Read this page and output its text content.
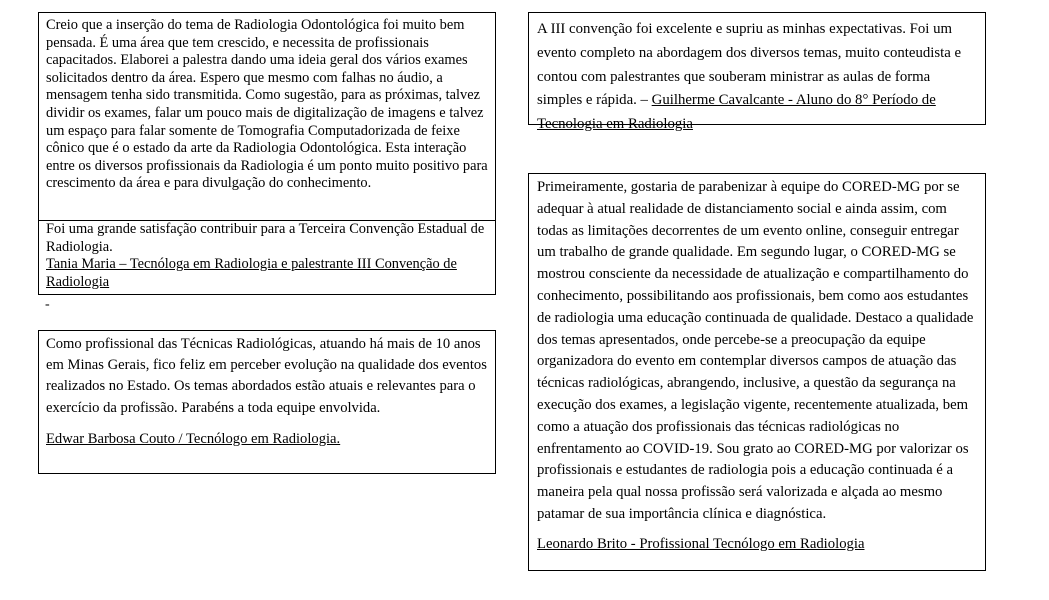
Creio que a inserção do tema de Radiologia Odontológica foi muito bem pensada. É uma área que tem crescido, e necessita de profissionais capacitados. Elaborei a palestra dando uma ideia geral dos vários exames solicitados dentro da área. Espero que mesmo com falhas no áudio, a mensagem tenha sido transmitida. Como sugestão, para as próximas, talvez dividir os exames, falar um pouco mais de digitalização de imagens e talvez um espaço para falar somente de Tomografia Computadorizada de feixe cônico que é o estado da arte da Radiologia Odontológica. Esta interação entre os diversos profissionais da Radiologia é um ponto muito positivo para crescimento da área e para divulgação do conhecimento.

Foi uma grande satisfação contribuir para a Terceira Convenção Estadual de Radiologia.

Tania Maria – Tecnóloga em Radiologia e palestrante III Convenção de Radiologia

-

Como profissional das Técnicas Radiológicas, atuando há mais de 10 anos em Minas Gerais, fico feliz em perceber evolução na qualidade dos eventos realizados no Estado. Os temas abordados estão atuais e relevantes para o exercício da profissão. Parabéns a toda equipe envolvida.

Edwar Barbosa Couto / Tecnólogo em Radiologia.

A III convenção foi excelente e supriu as minhas expectativas. Foi um evento completo na abordagem dos diversos temas, muito conteudista e contou com palestrantes que souberam ministrar as aulas de forma simples e rápida. – Guilherme Cavalcante - Aluno do 8° Período de Tecnologia em Radiologia

Primeiramente, gostaria de parabenizar à equipe do CORED-MG por se adequar à atual realidade de distanciamento social e ainda assim, com todas as limitações decorrentes de um evento online, conseguir entregar um trabalho de grande qualidade. Em segundo lugar, o CORED-MG se mostrou consciente da necessidade de atualização e compartilhamento do conhecimento, possibilitando aos profissionais, bem como aos estudantes de radiologia uma educação continuada de qualidade. Destaco a qualidade dos temas apresentados, onde percebe-se a preocupação da equipe organizadora do evento em contemplar diversos campos de atuação das técnicas radiológicas, abrangendo, inclusive, a questão da segurança na execução dos exames, a legislação vigente, recentemente atualizada, bem como a atuação dos profissionais das técnicas radiológicas no enfrentamento ao COVID-19. Sou grato ao CORED-MG por valorizar os profissionais e estudantes de radiologia pois a educação continuada é a maneira pela qual nossa profissão será valorizada e alçada ao mesmo patamar de sua importância clínica e diagnóstica.

Leonardo Brito - Profissional Tecnólogo em Radiologia
